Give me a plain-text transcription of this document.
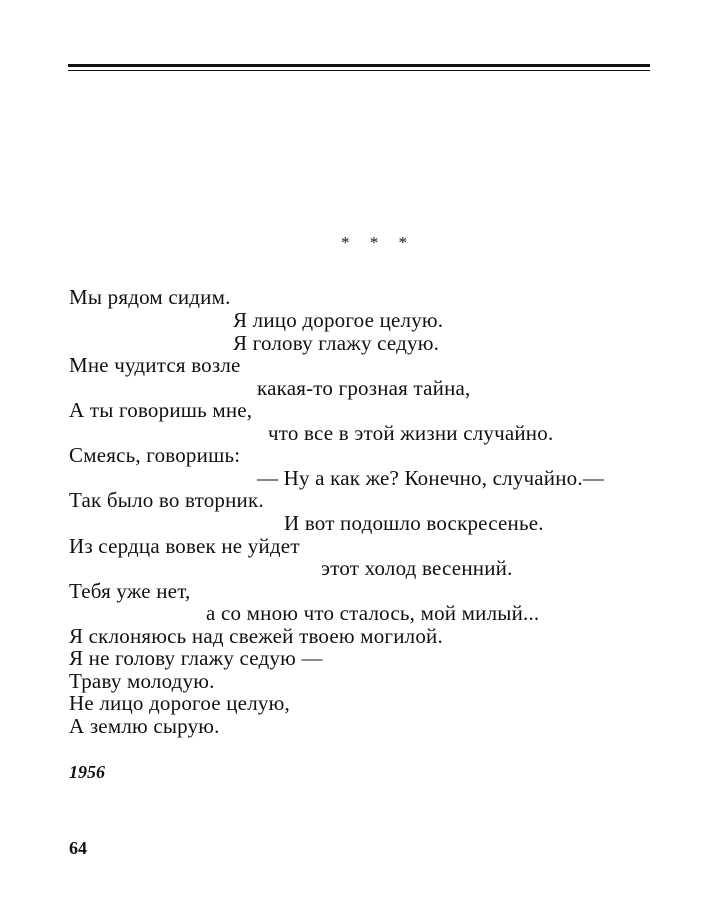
* * *
Мы рядом сидим.
Я лицо дорогое целую.
Я голову глажу седую.
Мне чудится возле
какая-то грозная тайна,
А ты говоришь мне,
что все в этой жизни случайно.
Смеясь, говоришь:
— Ну а как же? Конечно, случайно.—
Так было во вторник.
И вот подошло воскресенье.
Из сердца вовек не уйдет
этот холод весенний.
Тебя уже нет,
а со мною что сталось, мой милый...
Я склоняюсь над свежей твоею могилой.
Я не голову глажу седую —
Траву молодую.
Не лицо дорогое целую,
А землю сырую.
1956
64
